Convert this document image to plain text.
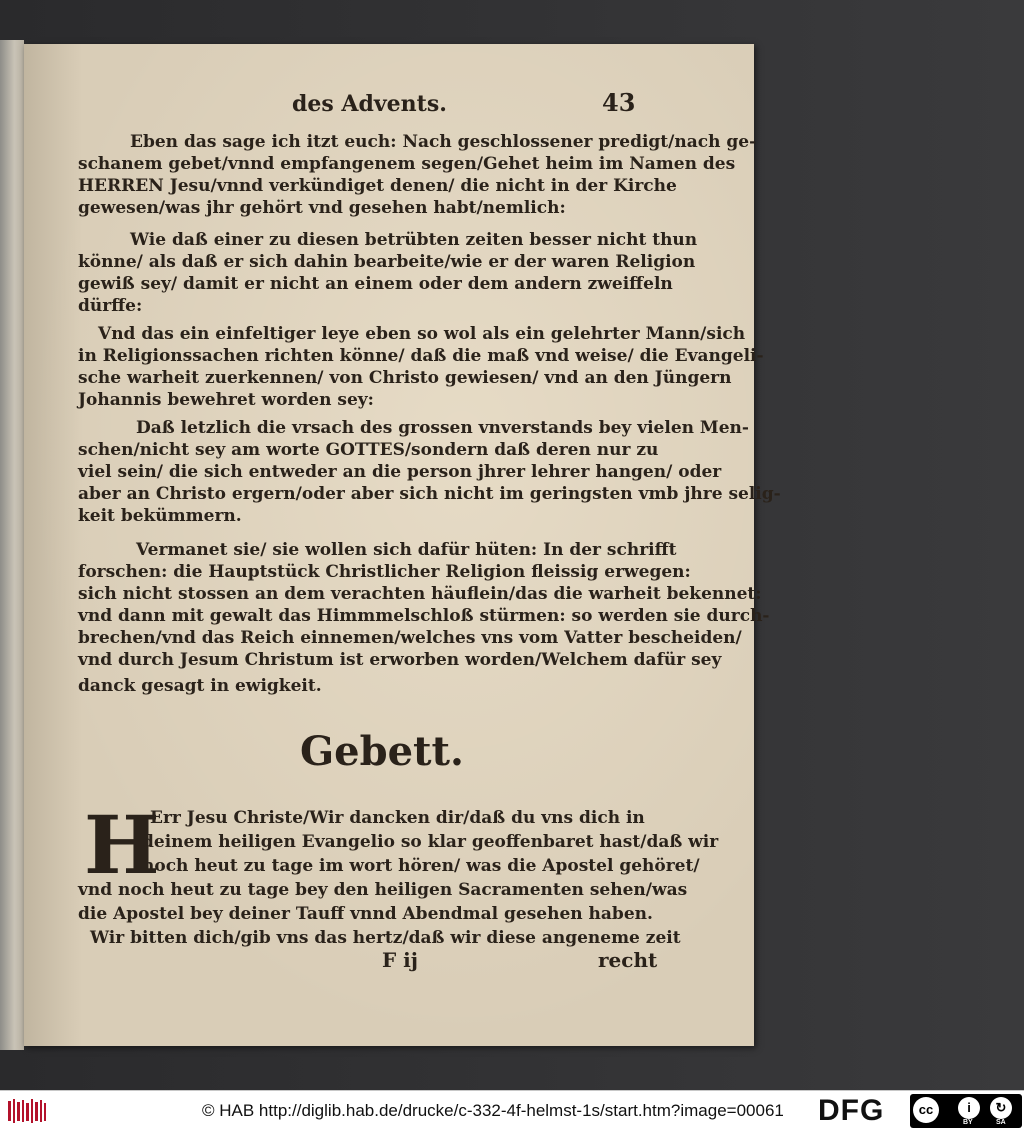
des Advents.	43
Eben das sage ich itzt euch: Nach geschlossener predigt/nach ge-
schanem gebet/vnnd empfangenem segen/Gehet heim im Namen des
HERREN Jesu/vnnd verkündiget denen/ die nicht in der Kirche
gewesen/was jhr gehört vnd gesehen habt/nemlich:
Wie daß einer zu diesen betrübten zeiten besser nicht thun
könne/ als daß er sich dahin bearbeite/wie er der waren Religion
gewiß sey/ damit er nicht an einem oder dem andern zweiffeln
dürffe:
Vnd das ein einfeltiger leye eben so wol als ein gelehrter Mann/sich
in Religionssachen richten könne/ daß die maß vnd weise/ die Evangeli-
sche warheit zuerkennen/ von Christo gewiesen/ vnd an den Jüngern
Johannis bewehret worden sey:
Daß letzlich die vrsach des grossen vnverstands bey vielen Men-
schen/nicht sey am worte GOTTES/sondern daß deren nur zu
viel sein/ die sich entweder an die person jhrer lehrer hangen/ oder
aber an Christo ergern/oder aber sich nicht im geringsten vmb jhre selig-
keit bekümmern.
Vermanet sie/ sie wollen sich dafür hüten: In der schrifft
forschen: die Hauptstück Christlicher Religion fleissig erwegen:
sich nicht stossen an dem verachten häuflein/das die warheit bekennet:
vnd dann mit gewalt das Himmmelschloß stürmen: so werden sie durch-
brechen/vnd das Reich einnemen/welches vns vom Vatter bescheiden/
vnd durch Jesum Christum ist erworben worden/Welchem dafür sey
danck gesagt in ewigkeit.
Gebett.
H
Err Jesu Christe/Wir dancken dir/daß du vns dich in
deinem heiligen Evangelio so klar geoffenbaret hast/daß wir
noch heut zu tage im wort hören/ was die Apostel gehöret/
vnd noch heut zu tage bey den heiligen Sacramenten sehen/was
die Apostel bey deiner Tauff vnnd Abendmal gesehen haben.
Wir bitten dich/gib vns das hertz/daß wir diese angeneme zeit
F ij	recht
© HAB http://diglib.hab.de/drucke/c-332-4f-helmst-1s/start.htm?image=00061 DFG	cc	i	↻
BY	SA
